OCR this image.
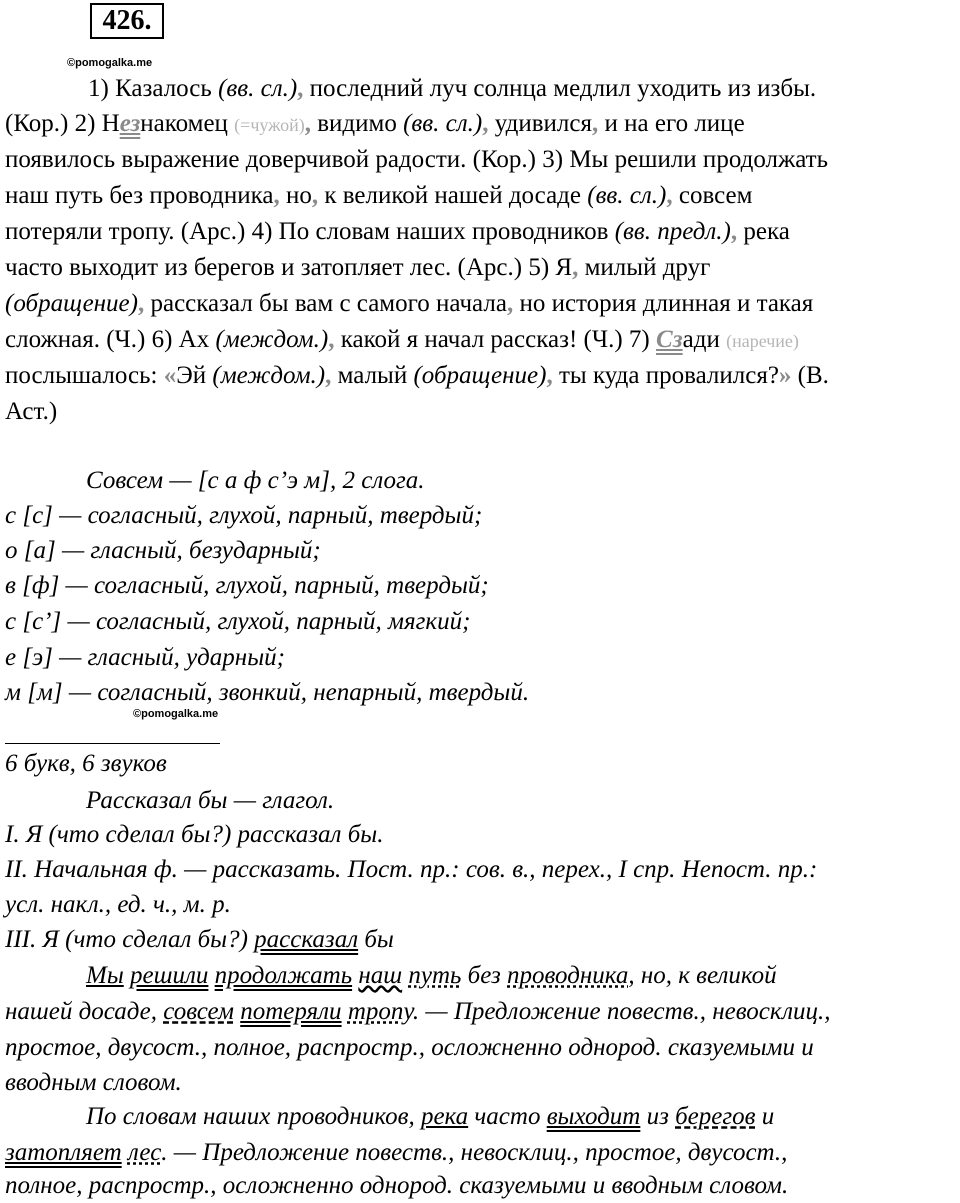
426.
©pomogalka.me
1) Казалось (вв. сл.), последний луч солнца медлил уходить из избы.
(Кор.) 2) Незнакомец (=чужой), видимо (вв. сл.), удивился, и на его лице
появилось выражение доверчивой радости. (Кор.) 3) Мы решили продолжать
наш путь без проводника, но, к великой нашей досаде (вв. сл.), совсем
потеряли тропу. (Арс.) 4) По словам наших проводников (вв. предл.), река
часто выходит из берегов и затопляет лес. (Арс.) 5) Я, милый друг
(обращение), рассказал бы вам с самого начала, но история длинная и такая
сложная. (Ч.) 6) Ах (междом.), какой я начал рассказ! (Ч.) 7) Сзади (наречие)
послышалось: «Эй (междом.), малый (обращение), ты куда провалился?» (В.
Аст.)
Совсем — [с а ф с’э м], 2 слога.
с [с] — согласный, глухой, парный, твердый;
о [а] — гласный, безударный;
в [ф] — согласный, глухой, парный, твердый;
с [с’] — согласный, глухой, парный, мягкий;
е [э] — гласный, ударный;
м [м] — согласный, звонкий, непарный, твердый.
©pomogalka.me
6 букв, 6 звуков
Рассказал бы — глагол.
I. Я (что сделал бы?) рассказал бы.
II. Начальная ф. — рассказать. Пост. пр.: сов. в., перех., I спр. Непост. пр.:
усл. накл., ед. ч., м. р.
III. Я (что сделал бы?) рассказал бы
Мы решили продолжать наш путь без проводника, но, к великой
нашей досаде, совсем потеряли тропу. — Предложение повеств., невосклиц.,
простое, двусост., полное, распростр., осложненно однород. сказуемыми и
вводным словом.
По словам наших проводников, река часто выходит из берегов и
затопляет лес. — Предложение повеств., невосклиц., простое, двусост.,
полное, распростр., осложненно однород. сказуемыми и вводным словом.
